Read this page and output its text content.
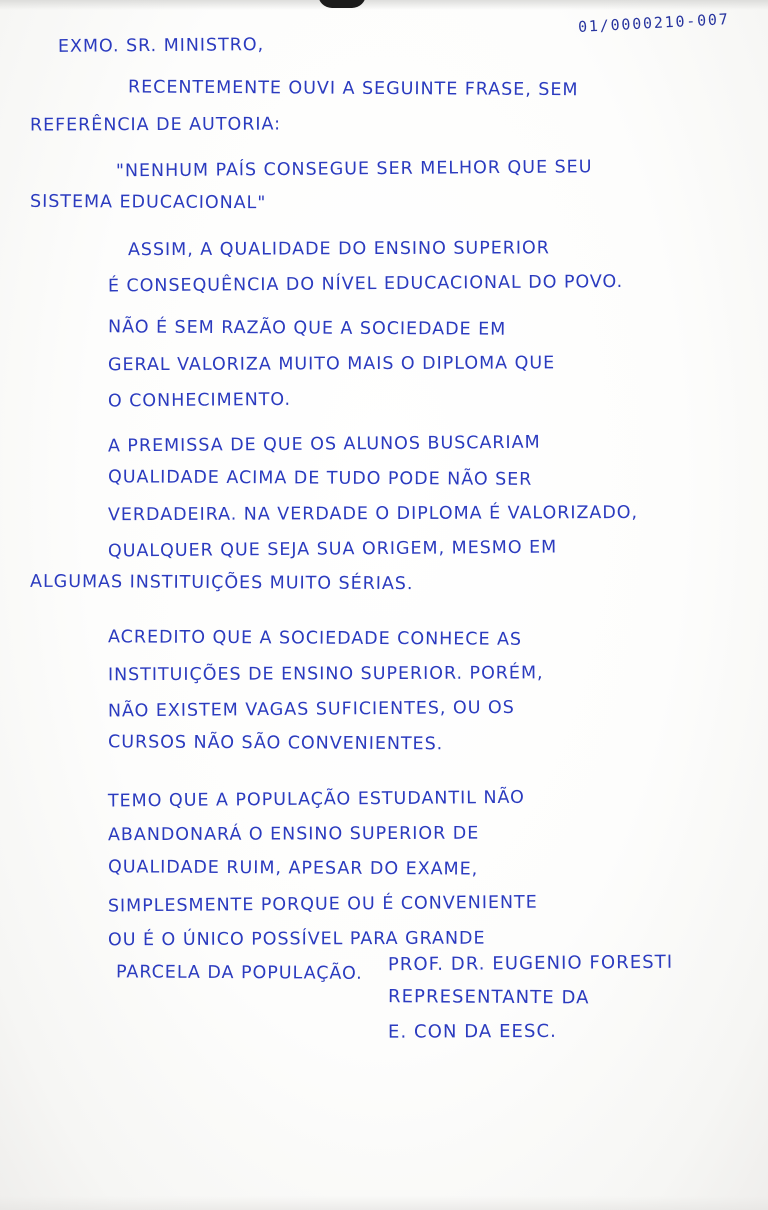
01/0000210-007
EXMO. SR. MINISTRO,
RECENTEMENTE OUVI A SEGUINTE FRASE, SEM
REFERÊNCIA DE AUTORIA:
"NENHUM PAÍS CONSEGUE SER MELHOR QUE SEU
SISTEMA EDUCACIONAL"
ASSIM, A QUALIDADE DO ENSINO SUPERIOR
É CONSEQUÊNCIA DO NÍVEL EDUCACIONAL DO POVO.
NÃO É SEM RAZÃO QUE A SOCIEDADE EM
GERAL VALORIZA MUITO MAIS O DIPLOMA QUE
O CONHECIMENTO.
A PREMISSA DE QUE OS ALUNOS BUSCARIAM
QUALIDADE ACIMA DE TUDO PODE NÃO SER
VERDADEIRA. NA VERDADE O DIPLOMA É VALORIZADO,
QUALQUER QUE SEJA SUA ORIGEM, MESMO EM
ALGUMAS INSTITUIÇÕES MUITO SÉRIAS.
ACREDITO QUE A SOCIEDADE CONHECE AS
INSTITUIÇÕES DE ENSINO SUPERIOR. PORÉM,
NÃO EXISTEM VAGAS SUFICIENTES, OU OS
CURSOS NÃO SÃO CONVENIENTES.
TEMO QUE A POPULAÇÃO ESTUDANTIL NÃO
ABANDONARÁ O ENSINO SUPERIOR DE
QUALIDADE RUIM, APESAR DO EXAME,
SIMPLESMENTE PORQUE OU É CONVENIENTE
OU É O ÚNICO POSSÍVEL PARA GRANDE
PARCELA DA POPULAÇÃO.	PROF. DR. EUGENIO FORESTI
REPRESENTANTE DA
E. CON DA EESC.
